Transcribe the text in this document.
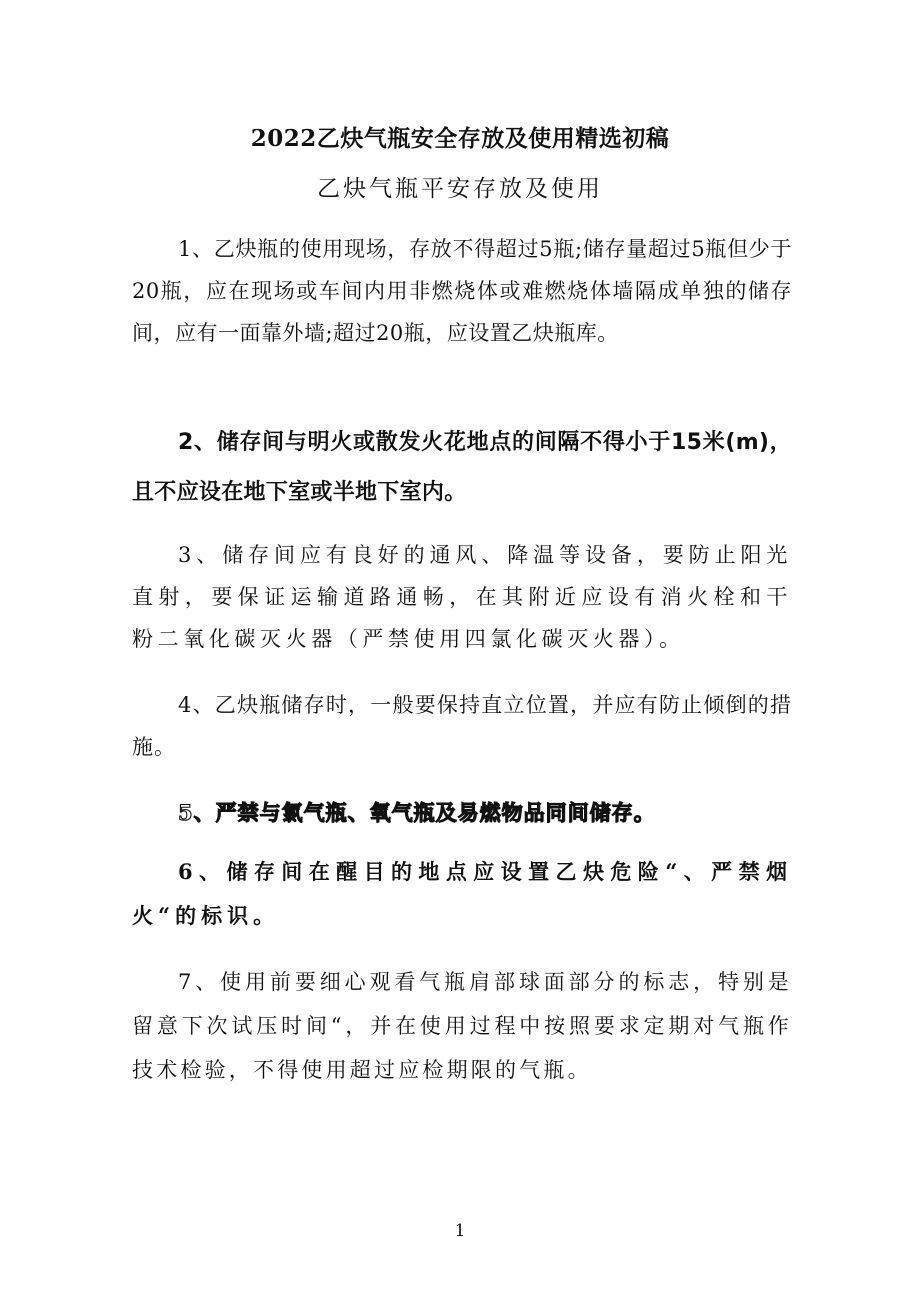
2022乙炔气瓶安全存放及使用精选初稿
乙炔气瓶平安存放及使用

1、乙炔瓶的使用现场，存放不得超过5瓶;储存量超过5瓶但少于20瓶，应在现场或车间内用非燃烧体或难燃烧体墙隔成单独的储存间，应有一面靠外墙;超过20瓶，应设置乙炔瓶库。

2、储存间与明火或散发火花地点的间隔不得小于15米(m)，且不应设在地下室或半地下室内。

3、储存间应有良好的通风、降温等设备，要防止阳光直射，要保证运输道路通畅，在其附近应设有消火栓和干粉二氧化碳灭火器（严禁使用四氯化碳灭火器）。

4、乙炔瓶储存时，一般要保持直立位置，并应有防止倾倒的措施。

5、严禁与氯气瓶、氧气瓶及易燃物品同间储存。

6、储存间在醒目的地点应设置乙炔危险“、严禁烟火“的标识。

7、使用前要细心观看气瓶肩部球面部分的标志，特别是留意下次试压时间“，并在使用过程中按照要求定期对气瓶作技术检验，不得使用超过应检期限的气瓶。

1
